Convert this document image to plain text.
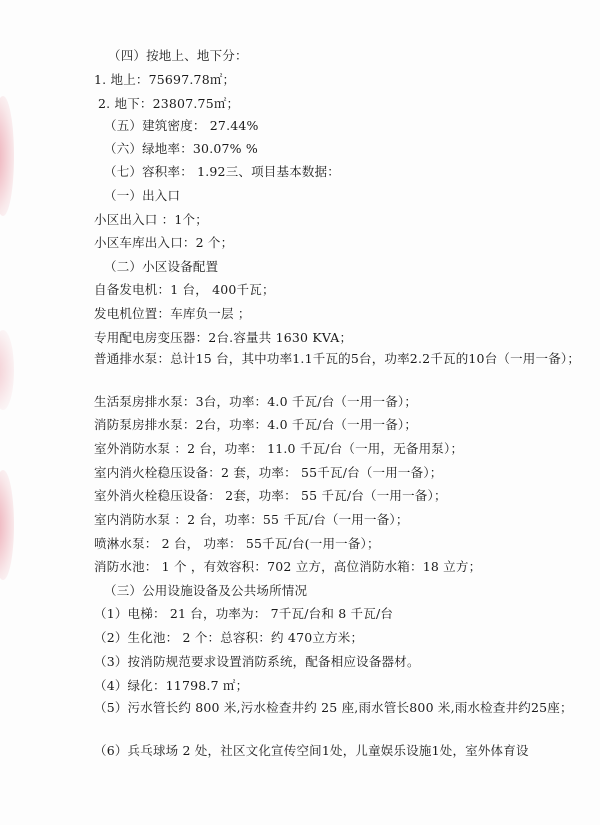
（四）按地上、地下分：
1. 地上：75697.78㎡；
2. 地下：23807.75㎡；
（五）建筑密度： 27.44%
（六）绿地率：30.07% %
（七）容积率： 1.92三、项目基本数据：
（一）出入口
小区出入口 ：1个；
小区车库出入口：2 个；
（二）小区设备配置
自备发电机：1 台， 400千瓦；
发电机位置：车库负一层 ；
专用配电房变压器：2台.容量共 1630 KVA；
普通排水泵：总计15 台，其中功率1.1千瓦的5台，功率2.2千瓦的10台（一用一备）；
生活泵房排水泵：3台，功率：4.0 千瓦/台（一用一备）；
消防泵房排水泵：2台，功率：4.0 千瓦/台（一用一备）；
室外消防水泵 ：2 台，功率： 11.0 千瓦/台（一用，无备用泵）；
室内消火栓稳压设备：2 套，功率： 55千瓦/台（一用一备）；
室外消火栓稳压设备： 2套，功率： 55 千瓦/台（一用一备）；
室内消防水泵 ：2 台，功率：55 千瓦/台（一用一备）；
喷淋水泵： 2 台， 功率： 55千瓦/台(一用一备）；
消防水池： 1 个 ，有效容积：702 立方，高位消防水箱：18 立方；
（三）公用设施设备及公共场所情况
（1）电梯： 21 台，功率为： 7千瓦/台和 8 千瓦/台
（2）生化池： 2 个：总容积：约 470立方米；
（3）按消防规范要求设置消防系统，配备相应设备器材。
（4）绿化：11798.7 ㎡；
（5）污水管长约 800 米,污水检查井约 25 座,雨水管长800 米,雨水检查井约25座；
（6）兵乓球场 2 处，社区文化宣传空间1处，儿童娱乐设施1处，室外体育设
